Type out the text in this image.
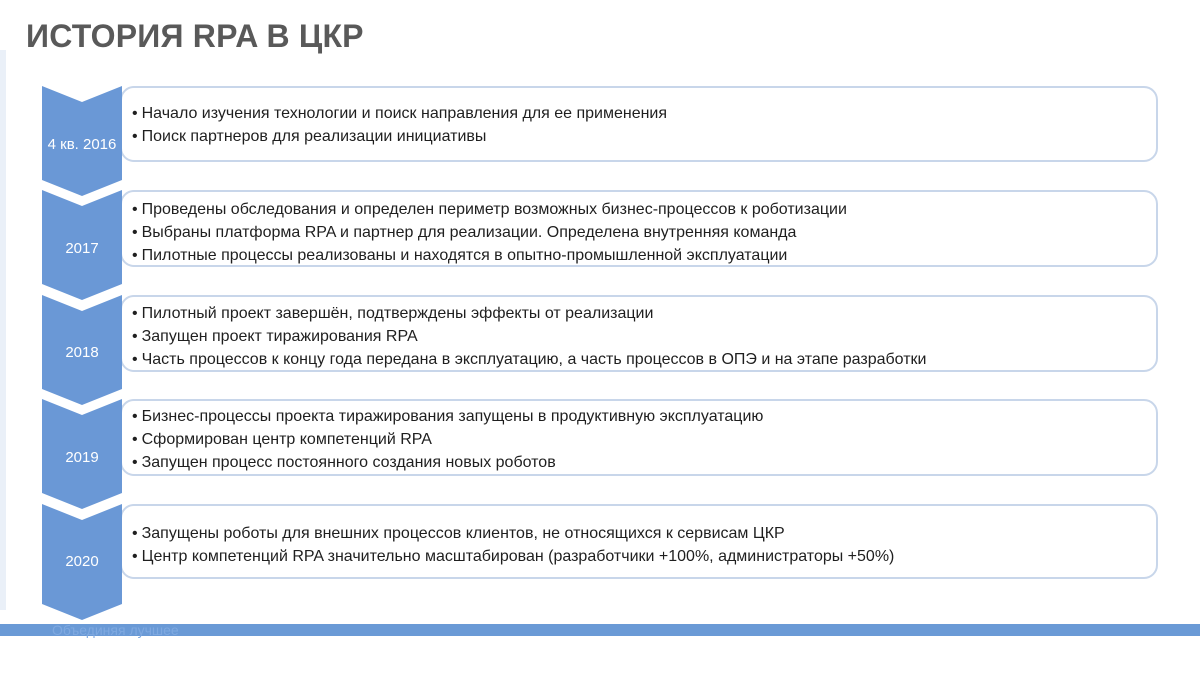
ИСТОРИЯ RPA В ЦКР
• Начало изучения технологии и поиск направления для ее применения
• Поиск партнеров для реализации инициативы
4 кв. 2016
• Проведены обследования и определен периметр возможных бизнес-процессов к роботизации
• Выбраны платформа RPA и партнер для реализации. Определена внутренняя команда
• Пилотные процессы реализованы и находятся в опытно-промышленной эксплуатации
2017
• Пилотный проект завершён, подтверждены эффекты от реализации
• Запущен проект тиражирования RPA
• Часть процессов к концу года передана в эксплуатацию, а часть процессов в ОПЭ и на этапе разработки
2018
• Бизнес-процессы проекта тиражирования запущены в продуктивную эксплуатацию
• Сформирован центр компетенций RPA
• Запущен процесс постоянного создания новых роботов
2019
• Запущены роботы для внешних процессов клиентов, не относящихся к сервисам ЦКР
• Центр компетенций RPA значительно масштабирован (разработчики +100%, администраторы +50%)
2020
Объединяя лучшее
